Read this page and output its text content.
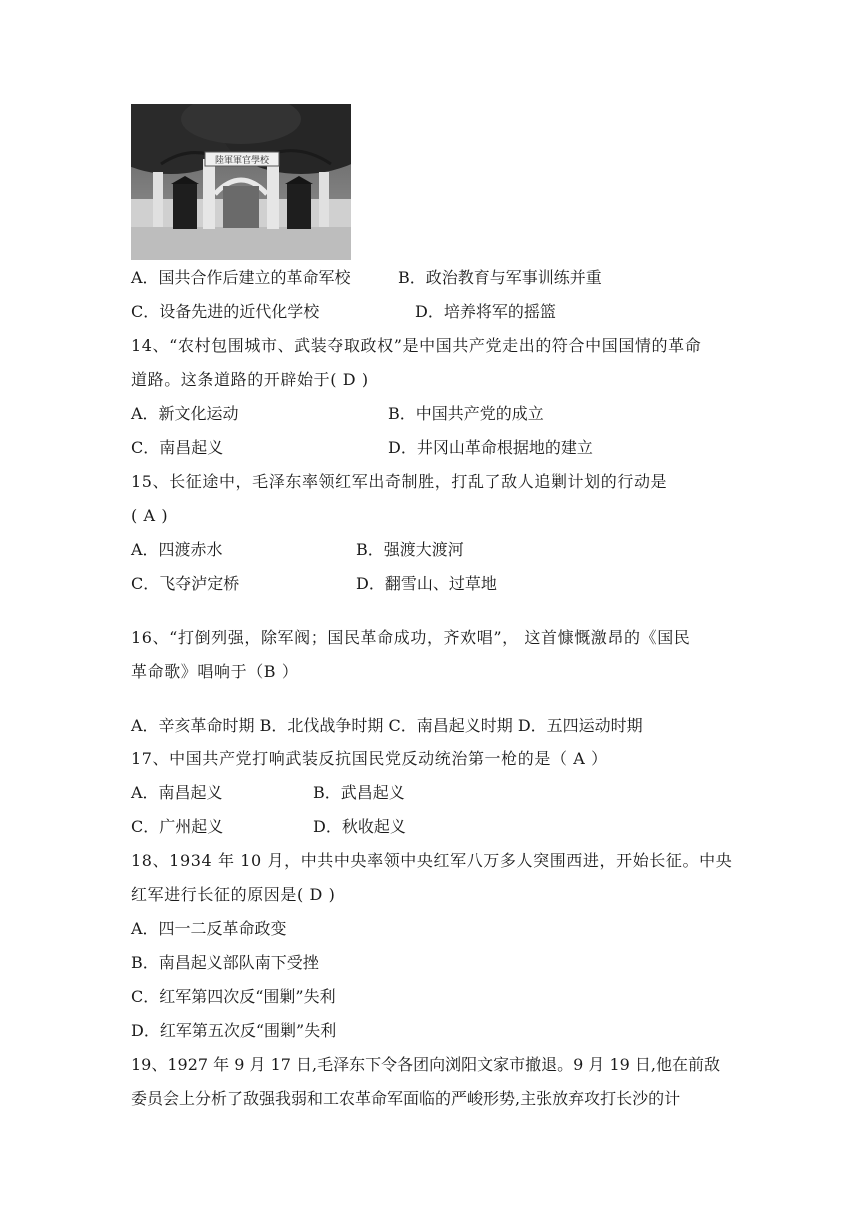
陸軍軍官學校
A．国共合作后建立的革命军校	B．政治教育与军事训练并重
C．设备先进的近代化学校	D．培养将军的摇篮
14、“农村包围城市、武装夺取政权”是中国共产党走出的符合中国国情的革命
道路。这条道路的开辟始于( D )
A．新文化运动	B．中国共产党的成立
C．南昌起义	D．井冈山革命根据地的建立
15、长征途中，毛泽东率领红军出奇制胜，打乱了敌人追剿计划的行动是
( A )
A．四渡赤水	B．强渡大渡河
C．飞夺泸定桥	D．翻雪山、过草地
16、“打倒列强，除军阀；国民革命成功，齐欢唱”， 这首慷慨激昂的《国民
革命歌》唱响于（B ）
A．辛亥革命时期 B．北伐战争时期 C．南昌起义时期 D．五四运动时期
17、中国共产党打响武装反抗国民党反动统治第一枪的是（ A ）
A．南昌起义	B．武昌起义
C．广州起义	D．秋收起义
18、1934 年 10 月，中共中央率领中央红军八万多人突围西进，开始长征。中央
红军进行长征的原因是( D )
A．四一二反革命政变
B．南昌起义部队南下受挫
C．红军第四次反“围剿”失利
D．红军第五次反“围剿”失利
19、1927 年 9 月 17 日,毛泽东下令各团向浏阳文家市撤退。9 月 19 日,他在前敌
委员会上分析了敌强我弱和工农革命军面临的严峻形势,主张放弃攻打长沙的计
